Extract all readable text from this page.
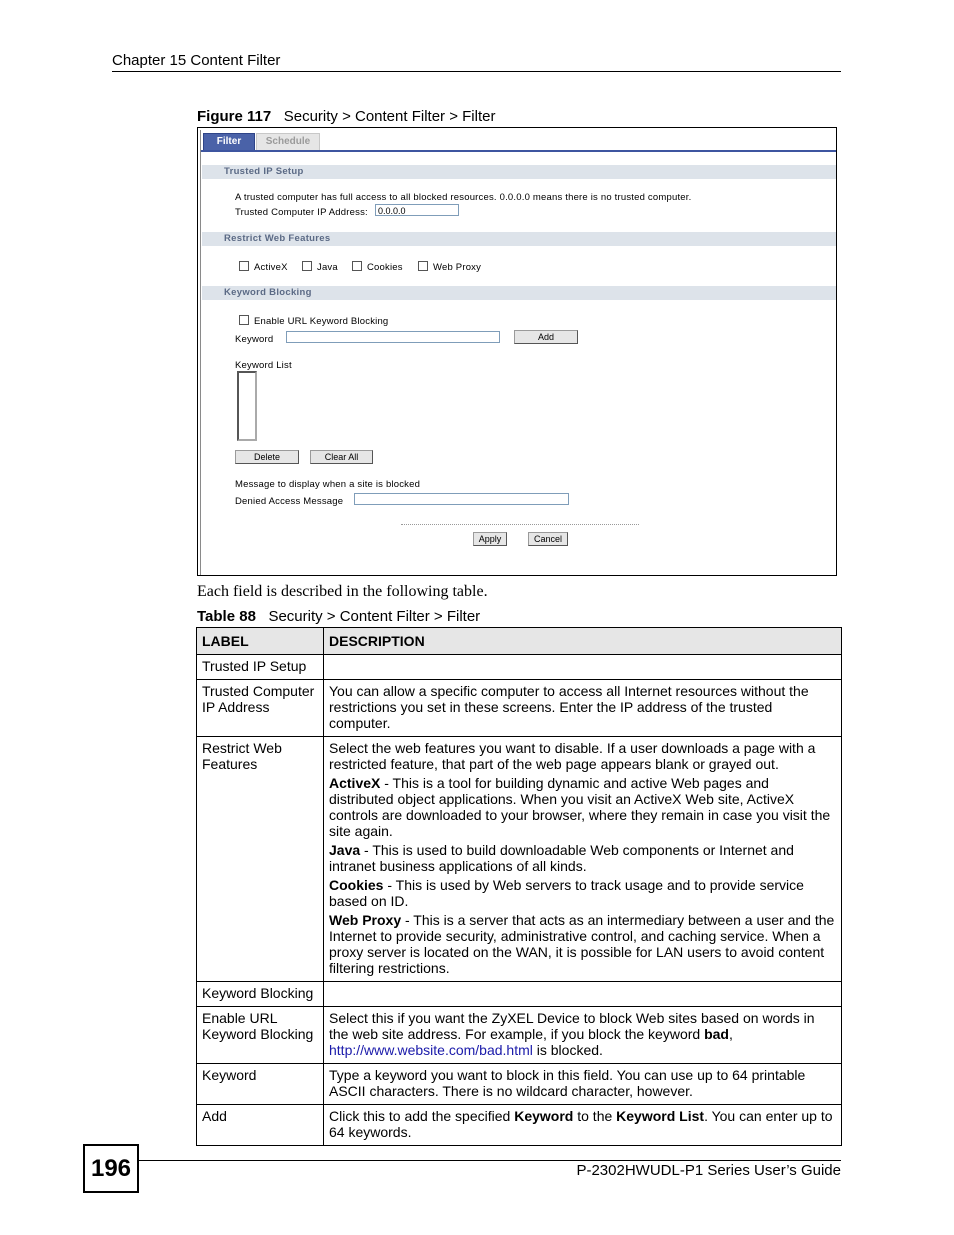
Chapter 15 Content Filter
Figure 117 Security > Content Filter > Filter
Filter	Schedule
Trusted IP Setup
A trusted computer has full access to all blocked resources. 0.0.0.0 means there is no trusted computer.
Trusted Computer IP Address:	0.0.0.0
Restrict Web Features
ActiveX	Java	Cookies	Web Proxy
Keyword Blocking
Enable URL Keyword Blocking
Keyword	Add
Keyword List
Delete	Clear All
Message to display when a site is blocked
Denied Access Message
Apply	Cancel
Each field is described in the following table.
Table 88 Security > Content Filter > Filter
LABEL	DESCRIPTION
Trusted IP Setup	
Trusted Computer IP Address	You can allow a specific computer to access all Internet resources without the restrictions you set in these screens. Enter the IP address of the trusted computer.
Restrict Web Features	Select the web features you want to disable. If a user downloads a page with a restricted feature, that part of the web page appears blank or grayed out.

ActiveX - This is a tool for building dynamic and active Web pages and distributed object applications. When you visit an ActiveX Web site, ActiveX controls are downloaded to your browser, where they remain in case you visit the site again.

Java - This is used to build downloadable Web components or Internet and intranet business applications of all kinds.

Cookies - This is used by Web servers to track usage and to provide service based on ID.

Web Proxy - This is a server that acts as an intermediary between a user and the Internet to provide security, administrative control, and caching service. When a proxy server is located on the WAN, it is possible for LAN users to avoid content filtering restrictions.

Keyword Blocking	
Enable URL Keyword Blocking	Select this if you want the ZyXEL Device to block Web sites based on words in the web site address. For example, if you block the keyword bad, http://www.website.com/bad.html is blocked.
Keyword	Type a keyword you want to block in this field. You can use up to 64 printable ASCII characters. There is no wildcard character, however.
Add	Click this to add the specified Keyword to the Keyword List. You can enter up to 64 keywords.
196	P-2302HWUDL-P1 Series User’s Guide
